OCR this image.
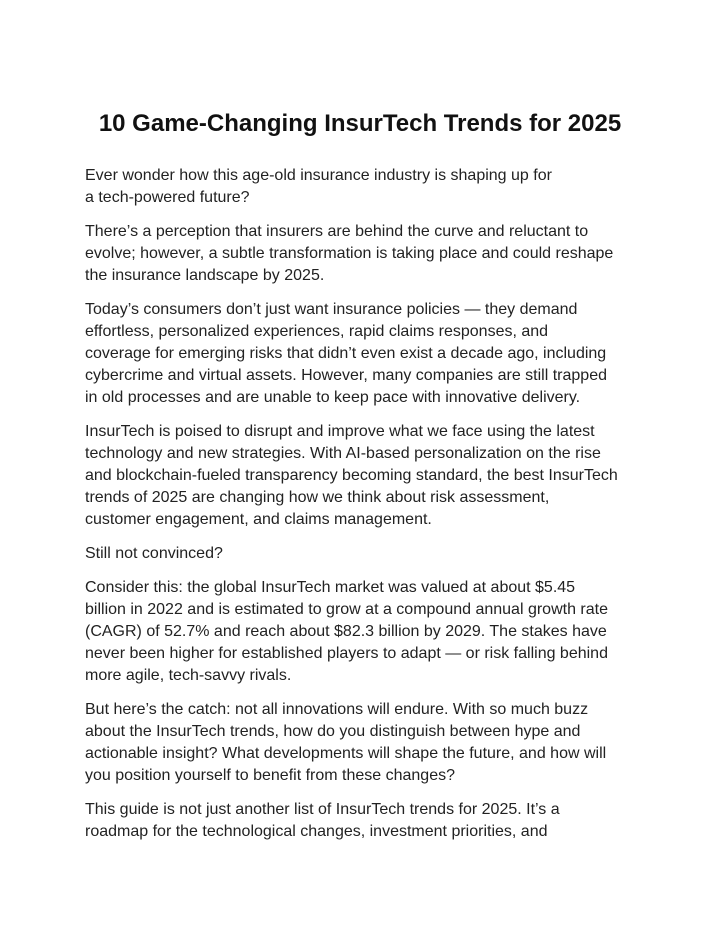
10 Game-Changing InsurTech Trends for 2025

Ever wonder how this age-old insurance industry is shaping up for
a tech-powered future?

There’s a perception that insurers are behind the curve and reluctant to
evolve; however, a subtle transformation is taking place and could reshape
the insurance landscape by 2025.

Today’s consumers don’t just want insurance policies — they demand
effortless, personalized experiences, rapid claims responses, and
coverage for emerging risks that didn’t even exist a decade ago, including
cybercrime and virtual assets. However, many companies are still trapped
in old processes and are unable to keep pace with innovative delivery.

InsurTech is poised to disrupt and improve what we face using the latest
technology and new strategies. With AI-based personalization on the rise
and blockchain-fueled transparency becoming standard, the best InsurTech
trends of 2025 are changing how we think about risk assessment,
customer engagement, and claims management.

Still not convinced?

Consider this: the global InsurTech market was valued at about $5.45
billion in 2022 and is estimated to grow at a compound annual growth rate
(CAGR) of 52.7% and reach about $82.3 billion by 2029. The stakes have
never been higher for established players to adapt — or risk falling behind
more agile, tech-savvy rivals.

But here’s the catch: not all innovations will endure. With so much buzz
about the InsurTech trends, how do you distinguish between hype and
actionable insight? What developments will shape the future, and how will
you position yourself to benefit from these changes?

This guide is not just another list of InsurTech trends for 2025. It’s a
roadmap for the technological changes, investment priorities, and
